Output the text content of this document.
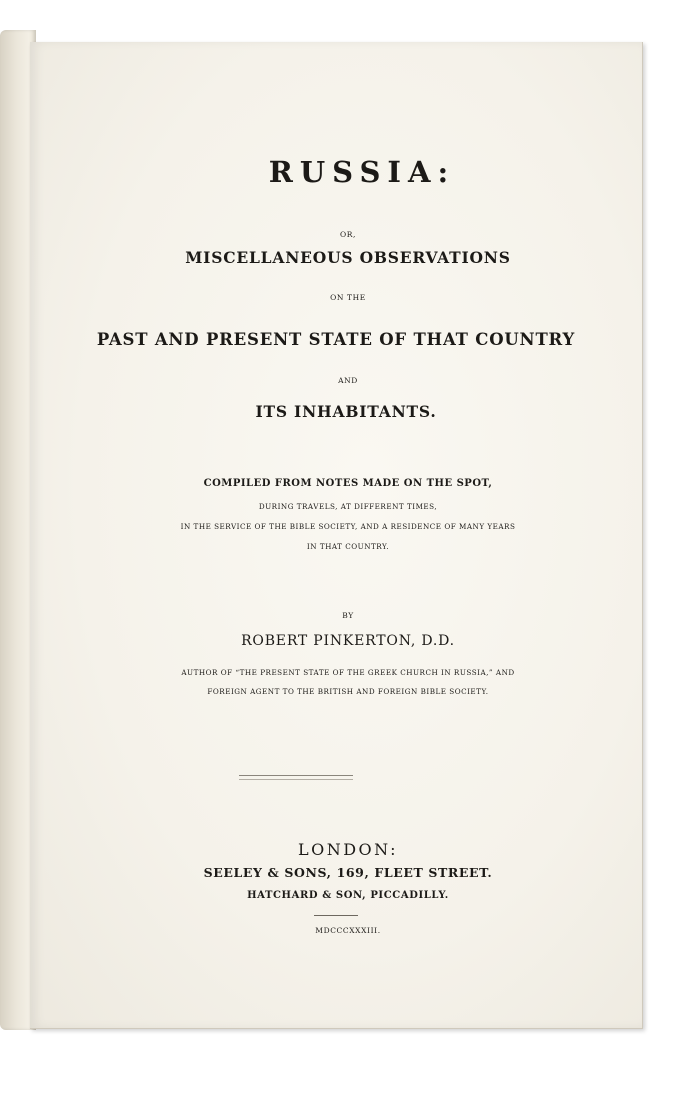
RUSSIA:
OR,
MISCELLANEOUS OBSERVATIONS
ON THE
PAST AND PRESENT STATE OF THAT COUNTRY
AND
ITS INHABITANTS.
COMPILED FROM NOTES MADE ON THE SPOT,
DURING TRAVELS, AT DIFFERENT TIMES,
IN THE SERVICE OF THE BIBLE SOCIETY, AND A RESIDENCE OF MANY YEARS
IN THAT COUNTRY.
BY
ROBERT PINKERTON, D.D.
AUTHOR OF “THE PRESENT STATE OF THE GREEK CHURCH IN RUSSIA,” AND
FOREIGN AGENT TO THE BRITISH AND FOREIGN BIBLE SOCIETY.
LONDON:
SEELEY & SONS, 169, FLEET STREET.
HATCHARD & SON, PICCADILLY.
MDCCCXXXIII.
